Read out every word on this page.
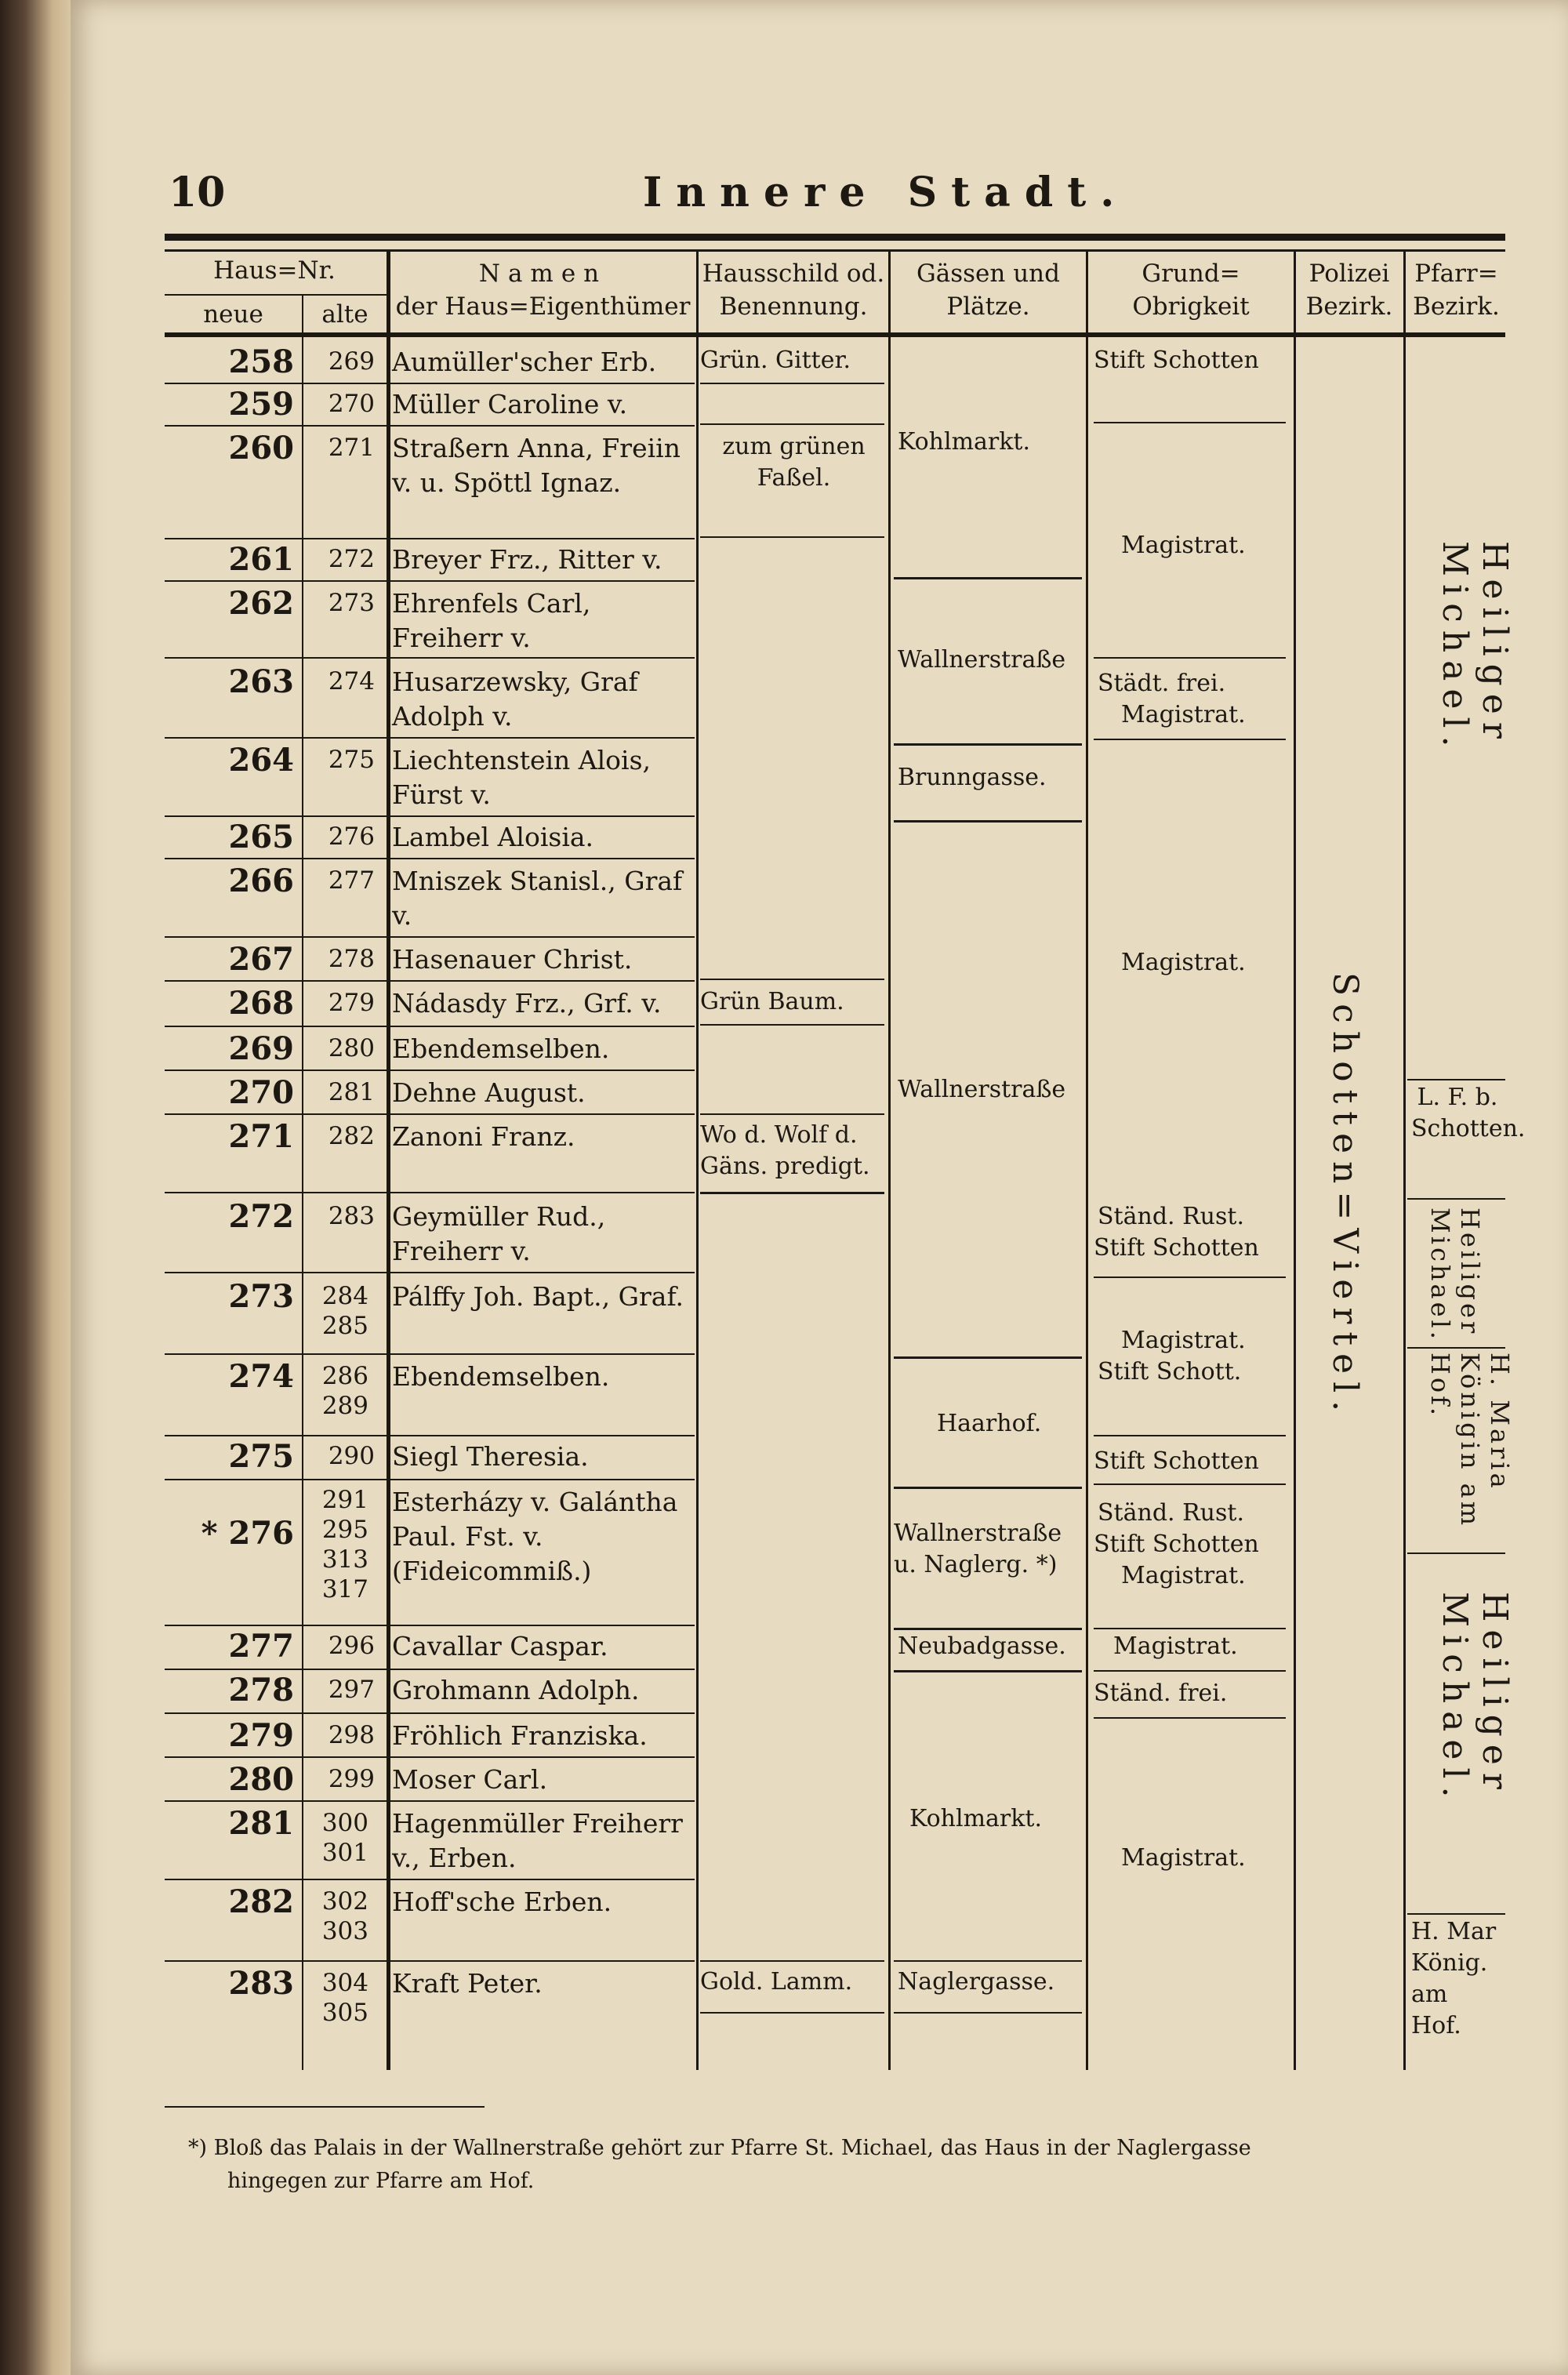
10	Innere Stadt.
Haus=Nr.
neue	alte
Namen
der Haus=Eigenthümer
Hausschild od.
Benennung.
Gässen und
Plätze.
Grund=
Obrigkeit
Polizei
Bezirk.
Pfarr=
Bezirk.
258 269 Aumüller'scher Erb.
259 270 Müller Caroline v.
260 271 Straßern Anna, Freiin v. u. Spöttl Ignaz.
261 272 Breyer Frz., Ritter v.
262 273 Ehrenfels Carl, Freiherr v.
263 274 Husarzewsky, Graf Adolph v.
264 275 Liechtenstein Alois, Fürst v.
265 276 Lambel Aloisia.
266 277 Mniszek Stanisl., Graf v.
267 278 Hasenauer Christ.
268 279 Nádasdy Frz., Grf. v.
269 280 Ebendemselben.
270 281 Dehne August.
271 282 Zanoni Franz.
272 283 Geymüller Rud., Freiherr v.
273 284 285
Pálffy Joh. Bapt., Graf.
274 286 289
Ebendemselben.
275 290 Siegl Theresia.
* 276
291 295 313 317
Esterházy v. Galántha Paul. Fst. v. (Fideicommiß.)
277 296 Cavallar Caspar.
278 297 Grohmann Adolph.
279 298 Fröhlich Franziska.
280 299 Moser Carl.
281 300 301
Hagenmüller Freiherr v., Erben.
282 302 303
Hoff'sche Erben.
283 304 305
Kraft Peter.
Grün. Gitter.
zum grünen Faßel.
Grün Baum.
Wo d. Wolf d. Gäns. predigt.
Gold. Lamm.
Kohlmarkt.
Wallnerstraße
Brunngasse.
Wallnerstraße
Haarhof.
Wallnerstraße u. Naglerg. *)
Neubadgasse.
Kohlmarkt.
Naglergasse.
Stift Schotten
Magistrat.
Städt. frei.
Magistrat.
Magistrat.
Ständ. Rust.
Stift Schotten
Magistrat.
Stift Schott.
Stift Schotten
Ständ. Rust.
Stift Schotten
Magistrat.
Magistrat.
Ständ. frei.
Magistrat.
Schotten=Viertel.
Heiliger Michael.
L. F. b. Schotten.
Heiliger Michael.
H. Maria Königin am Hof.
Heiliger Michael.
H. Mar König. am Hof.
*) Bloß das Palais in der Wallnerstraße gehört zur Pfarre St. Michael, das Haus in der Naglergasse
hingegen zur Pfarre am Hof.
